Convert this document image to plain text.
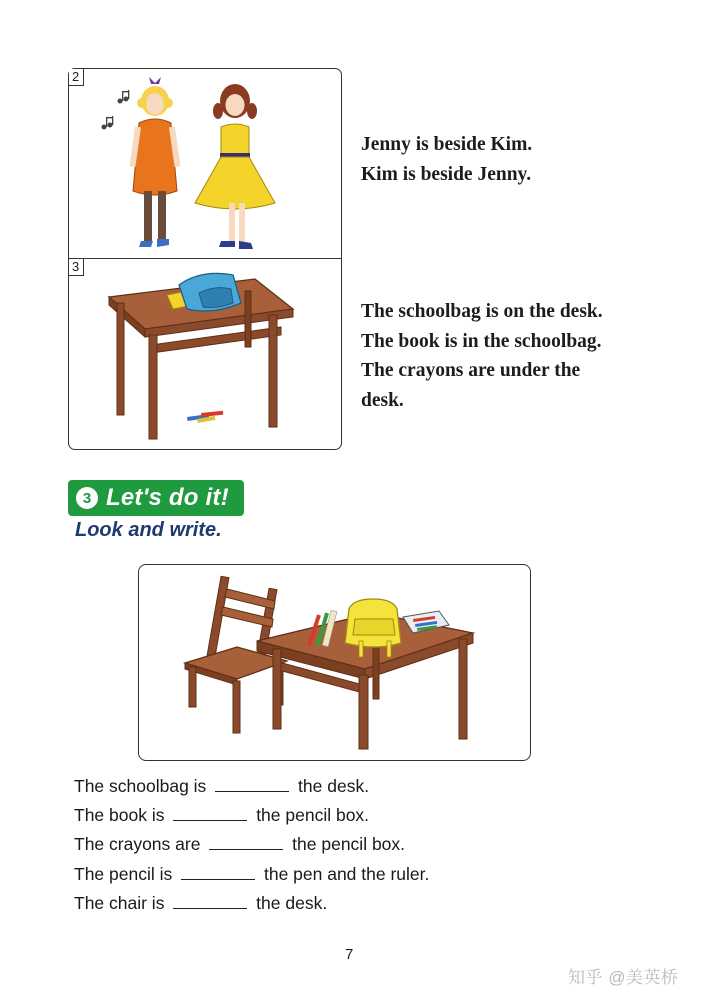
2
3
Jenny is beside Kim.
Kim is beside Jenny.
The schoolbag is on the desk.
The book is in the schoolbag.
The crayons are under the
desk.
3 Let's do it!
Look and write.
The schoolbag is	the desk.
The book is	the pencil box.
The crayons are	the pencil box.
The pencil is	the pen and the ruler.
The chair is	the desk.
7
知乎 @美英桥
